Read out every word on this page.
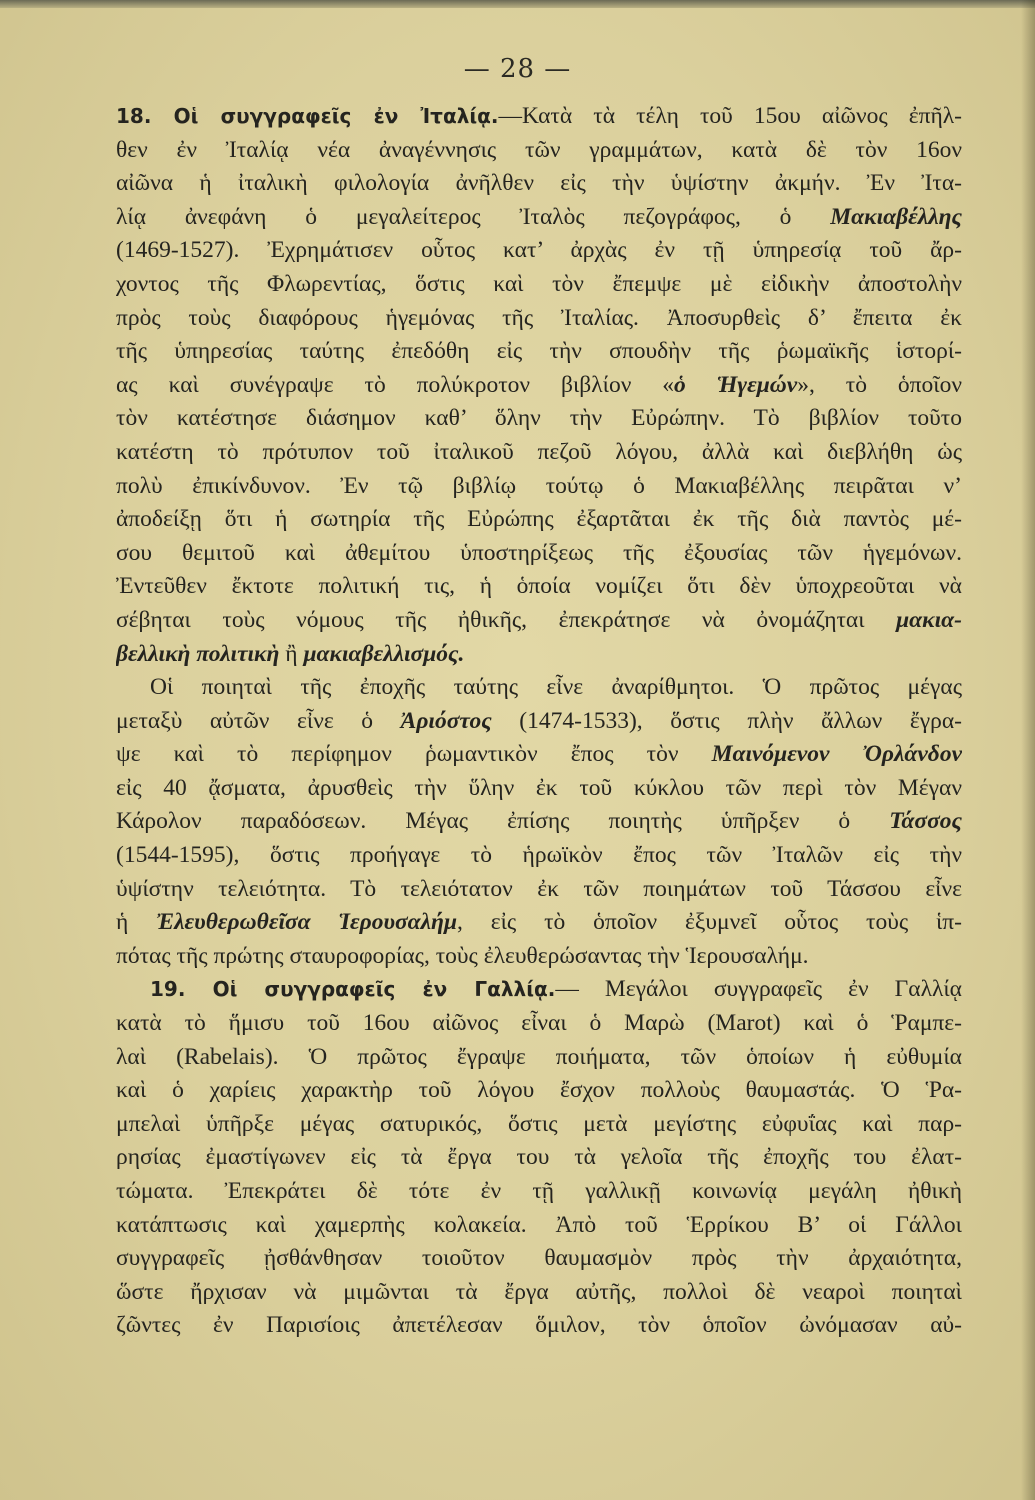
— 28 —
18. Οἱ συγγραφεῖς ἐν Ἰταλίᾳ.—Κατὰ τὰ τέλη τοῦ 15ου αἰῶνος ἐπῆλ-
θεν ἐν Ἰταλίᾳ νέα ἀναγέννησις τῶν γραμμάτων, κατὰ δὲ τὸν 16ον
αἰῶνα ἡ ἰταλικὴ φιλολογία ἀνῆλθεν εἰς τὴν ὑψίστην ἀκμήν. Ἐν Ἰτα-
λίᾳ ἀνεφάνη ὁ μεγαλείτερος Ἰταλὸς πεζογράφος, ὁ Μακιαβέλλης
(1469-1527). Ἐχρημάτισεν οὗτος κατ’ ἀρχὰς ἐν τῇ ὑπηρεσίᾳ τοῦ ἄρ-
χοντος τῆς Φλωρεντίας, ὅστις καὶ τὸν ἔπεμψε μὲ εἰδικὴν ἀποστολὴν
πρὸς τοὺς διαφόρους ἡγεμόνας τῆς Ἰταλίας. Ἀποσυρθεὶς δ’ ἔπειτα ἐκ
τῆς ὑπηρεσίας ταύτης ἐπεδόθη εἰς τὴν σπουδὴν τῆς ῥωμαϊκῆς ἱστορί-
ας καὶ συνέγραψε τὸ πολύκροτον βιβλίον «ὁ Ἡγεμών», τὸ ὁποῖον
τὸν κατέστησε διάσημον καθ’ ὅλην τὴν Εὐρώπην. Τὸ βιβλίον τοῦτο
κατέστη τὸ πρότυπον τοῦ ἰταλικοῦ πεζοῦ λόγου, ἀλλὰ καὶ διεβλήθη ὡς
πολὺ ἐπικίνδυνον. Ἐν τῷ βιβλίῳ τούτῳ ὁ Μακιαβέλλης πειρᾶται ν’
ἀποδείξῃ ὅτι ἡ σωτηρία τῆς Εὐρώπης ἐξαρτᾶται ἐκ τῆς διὰ παντὸς μέ-
σου θεμιτοῦ καὶ ἀθεμίτου ὑποστηρίξεως τῆς ἐξουσίας τῶν ἡγεμόνων.
Ἐντεῦθεν ἔκτοτε πολιτική τις, ἡ ὁποία νομίζει ὅτι δὲν ὑποχρεοῦται νὰ
σέβηται τοὺς νόμους τῆς ἠθικῆς, ἐπεκράτησε νὰ ὀνομάζηται μακια-
βελλικὴ πολιτικὴ ἢ μακιαβελλισμός.
Οἱ ποιηταὶ τῆς ἐποχῆς ταύτης εἶνε ἀναρίθμητοι. Ὁ πρῶτος μέγας
μεταξὺ αὐτῶν εἶνε ὁ Ἀριόστος (1474-1533), ὅστις πλὴν ἄλλων ἔγρα-
ψε καὶ τὸ περίφημον ῥωμαντικὸν ἔπος τὸν Μαινόμενον Ὀρλάνδον
εἰς 40 ᾄσματα, ἀρυσθεὶς τὴν ὕλην ἐκ τοῦ κύκλου τῶν περὶ τὸν Μέγαν
Κάρολον παραδόσεων. Μέγας ἐπίσης ποιητὴς ὑπῆρξεν ὁ Τάσσος
(1544-1595), ὅστις προήγαγε τὸ ἡρωϊκὸν ἔπος τῶν Ἰταλῶν εἰς τὴν
ὑψίστην τελειότητα. Τὸ τελειότατον ἐκ τῶν ποιημάτων τοῦ Τάσσου εἶνε
ἡ Ἐλευθερωθεῖσα Ἱερουσαλήμ, εἰς τὸ ὁποῖον ἐξυμνεῖ οὗτος τοὺς ἱπ-
πότας τῆς πρώτης σταυροφορίας, τοὺς ἐλευθερώσαντας τὴν Ἱερουσαλήμ.
19. Οἱ συγγραφεῖς ἐν Γαλλίᾳ.— Μεγάλοι συγγραφεῖς ἐν Γαλλίᾳ
κατὰ τὸ ἥμισυ τοῦ 16ου αἰῶνος εἶναι ὁ Μαρὼ (Marot) καὶ ὁ Ῥαμπε-
λαὶ (Rabelais). Ὁ πρῶτος ἔγραψε ποιήματα, τῶν ὁποίων ἡ εὐθυμία
καὶ ὁ χαρίεις χαρακτὴρ τοῦ λόγου ἔσχον πολλοὺς θαυμαστάς. Ὁ Ῥα-
μπελαὶ ὑπῆρξε μέγας σατυρικός, ὅστις μετὰ μεγίστης εὐφυΐας καὶ παρ-
ρησίας ἐμαστίγωνεν εἰς τὰ ἔργα του τὰ γελοῖα τῆς ἐποχῆς του ἐλατ-
τώματα. Ἐπεκράτει δὲ τότε ἐν τῇ γαλλικῇ κοινωνίᾳ μεγάλη ἠθικὴ
κατάπτωσις καὶ χαμερπὴς κολακεία. Ἀπὸ τοῦ Ἑρρίκου Β’ οἱ Γάλλοι
συγγραφεῖς ᾐσθάνθησαν τοιοῦτον θαυμασμὸν πρὸς τὴν ἀρχαιότητα,
ὥστε ἤρχισαν νὰ μιμῶνται τὰ ἔργα αὐτῆς, πολλοὶ δὲ νεαροὶ ποιηταὶ
ζῶντες ἐν Παρισίοις ἀπετέλεσαν ὅμιλον, τὸν ὁποῖον ὠνόμασαν αὐ-
